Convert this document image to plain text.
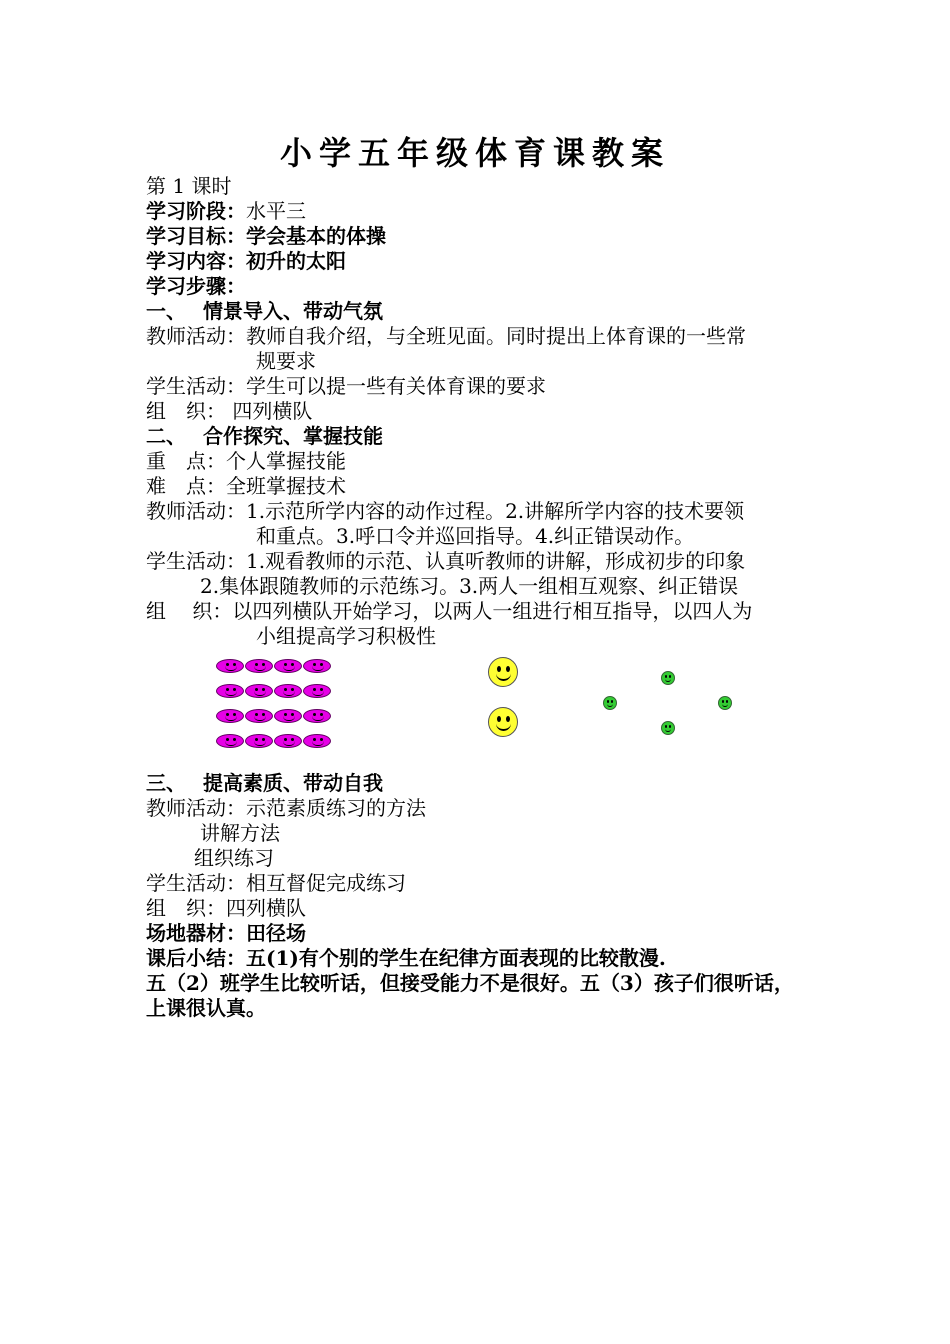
小学五年级体育课教案
第 1 课时
学习阶段：水平三
学习目标：学会基本的体操
学习内容：初升的太阳
学习步骤：
一、　 情景导入、带动气氛
教师活动：教师自我介绍，与全班见面。同时提出上体育课的一些常
规要求
学生活动：学生可以提一些有关体育课的要求
组　织： 四列横队
二、　 合作探究、掌握技能
重　点：个人掌握技能
难　点：全班掌握技术
教师活动：1.示范所学内容的动作过程。2.讲解所学内容的技术要领
和重点。3.呼口令并巡回指导。4.纠正错误动作。
学生活动：1.观看教师的示范、认真听教师的讲解，形成初步的印象
2.集体跟随教师的示范练习。3.两人一组相互观察、纠正错误
组　 织：以四列横队开始学习，以两人一组进行相互指导，以四人为
小组提高学习积极性
三、　 提高素质、带动自我
教师活动：示范素质练习的方法
讲解方法
组织练习
学生活动：相互督促完成练习
组　织：四列横队
场地器材：田径场
课后小结：五(1)有个别的学生在纪律方面表现的比较散漫.
五（2）班学生比较听话，但接受能力不是很好。五（3）孩子们很听话，
上课很认真。
